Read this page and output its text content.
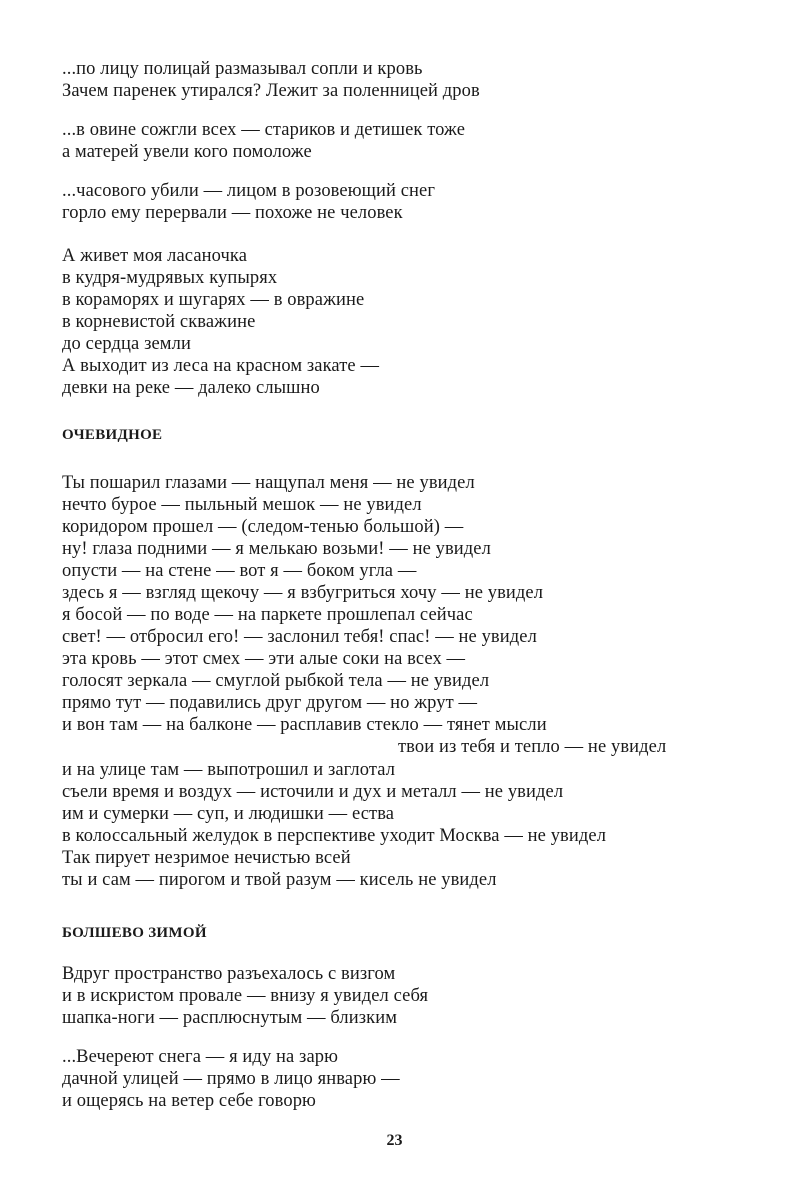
...по лицу полицай размазывал сопли и кровь
Зачем паренек утирался? Лежит за поленницей дров
...в овине сожгли всех — стариков и детишек тоже
а матерей увели кого помоложе
...часового убили — лицом в розовеющий снег
горло ему перервали — похоже не человек
А живет моя ласаночка
в кудря-мудрявых купырях
в кораморях и шугарях — в овражине
в корневистой скважине
до сердца земли
А выходит из леса на красном закате —
девки на реке — далеко слышно
ОЧЕВИДНОЕ
Ты пошарил глазами — нащупал меня — не увидел
нечто бурое — пыльный мешок — не увидел
коридором прошел — (следом-тенью большой) —
ну! глаза подними — я мелькаю возьми! — не увидел
опусти — на стене — вот я — боком угла —
здесь я — взгляд щекочу — я взбугриться хочу — не увидел
я босой — по воде — на паркете прошлепал сейчас
свет! — отбросил его! — заслонил тебя! спас! — не увидел
эта кровь — этот смех — эти алые соки на всех —
голосят зеркала — смуглой рыбкой тела — не увидел
прямо тут — подавились друг другом — но жрут —
и вон там — на балконе — расплавив стекло — тянет мысли
твои из тебя и тепло — не увидел
и на улице там — выпотрошил и заглотал
съели время и воздух — источили и дух и металл — не увидел
им и сумерки — суп, и людишки — ества
в колоссальный желудок в перспективе уходит Москва — не увидел
Так пирует незримое нечистью всей
ты и сам — пирогом и твой разум — кисель не увидел
БОЛШЕВО ЗИМОЙ
Вдруг пространство разъехалось с визгом
и в искристом провале — внизу я увидел себя
шапка-ноги — расплюснутым — близким
...Вечереют снега — я иду на зарю
дачной улицей — прямо в лицо январю —
и ощерясь на ветер себе говорю
23
